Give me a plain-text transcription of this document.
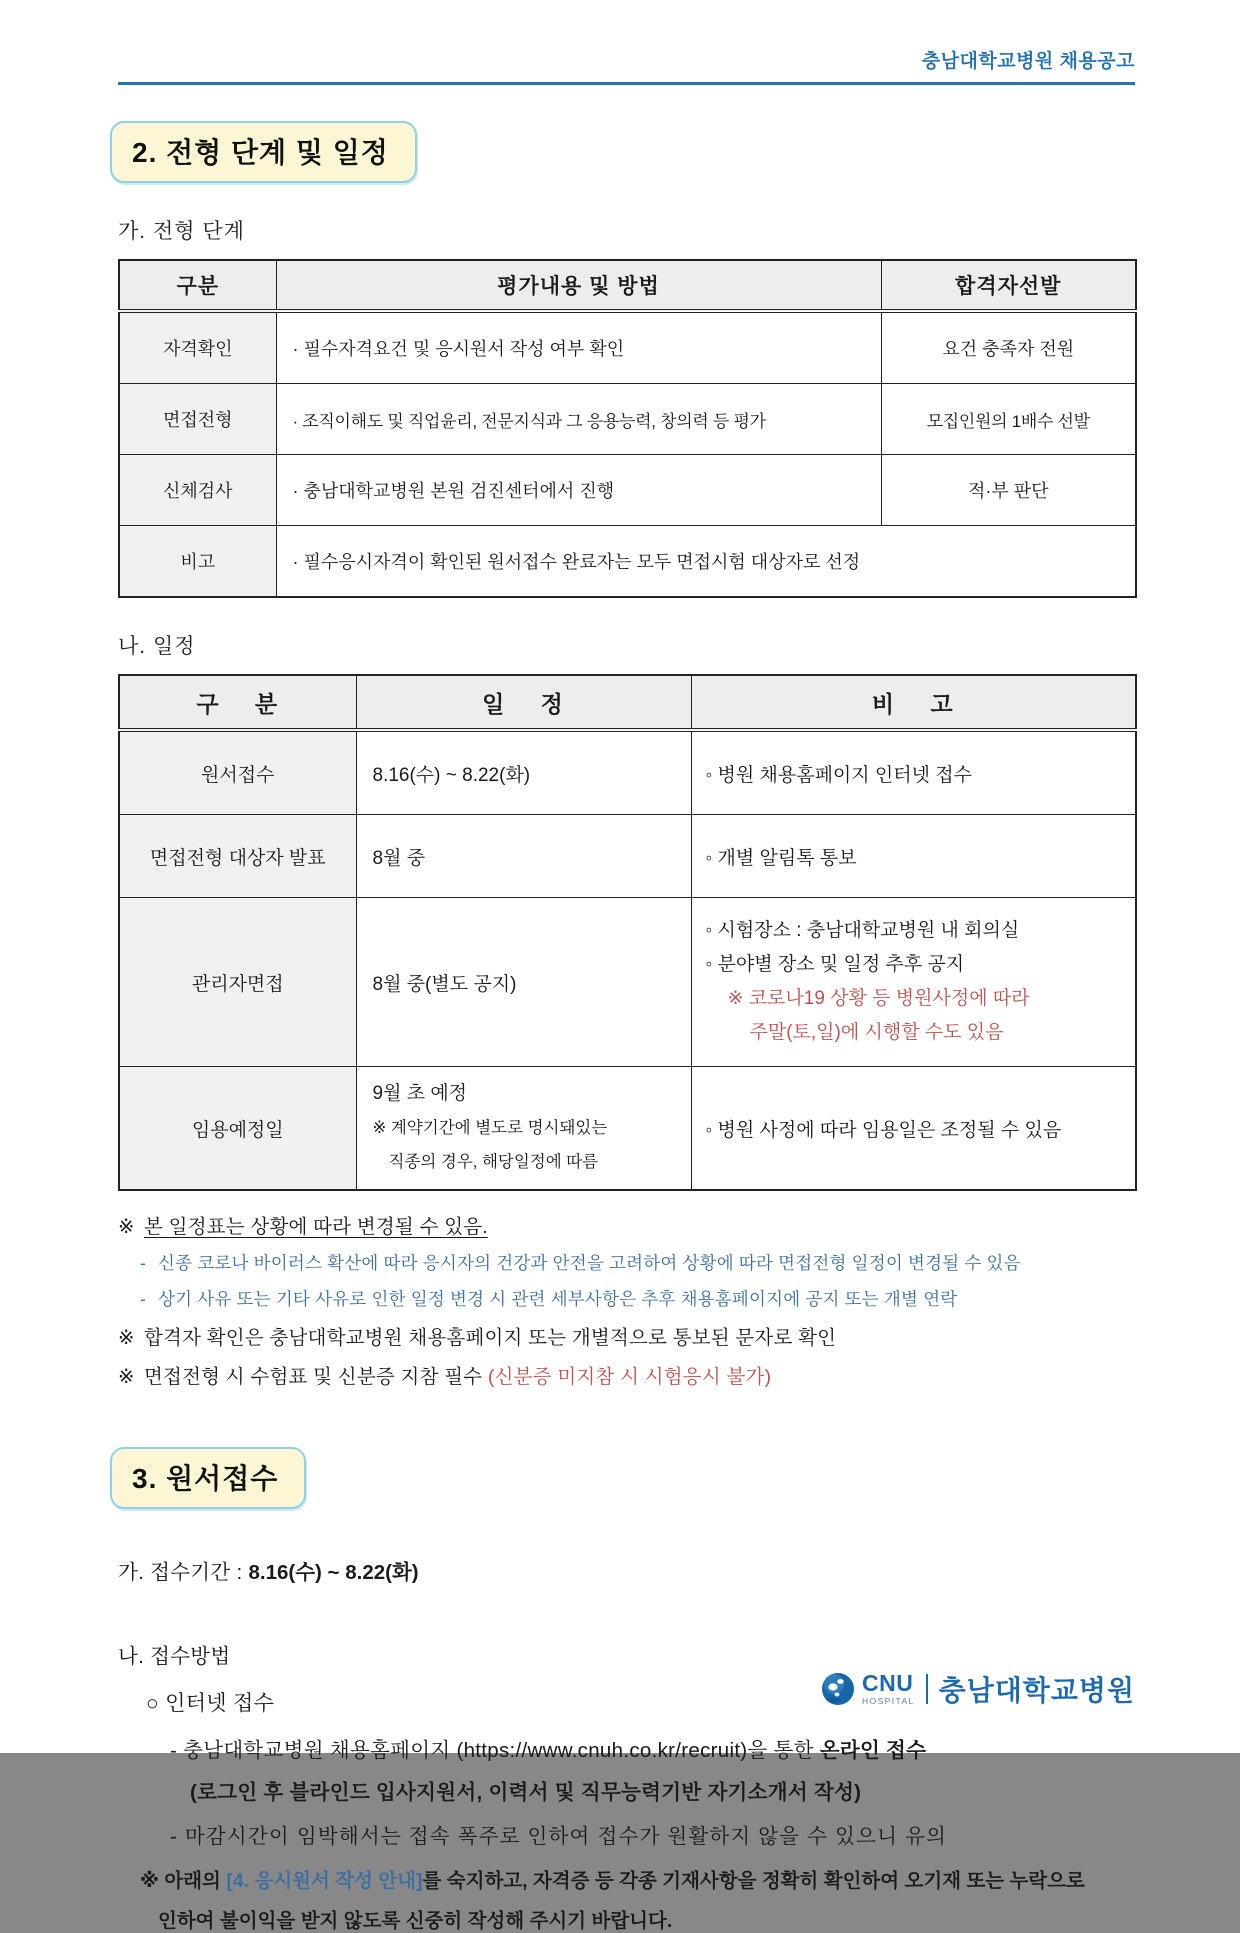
충남대학교병원 채용공고
2. 전형 단계 및 일정
가. 전형 단계
구분	평가내용 및 방법	합격자선발
자격확인	· 필수자격요건 및 응시원서 작성 여부 확인	요건 충족자 전원
면접전형	· 조직이해도 및 직업윤리, 전문지식과 그 응용능력, 창의력 등 평가	모집인원의 1배수 선발
신체검사	· 충남대학교병원 본원 검진센터에서 진행	적·부 판단
비고	· 필수응시자격이 확인된 원서접수 완료자는 모두 면접시험 대상자로 선정	
나. 일정
구 분	일 정	비 고
원서접수	8.16(수) ~ 8.22(화)	◦ 병원 채용홈페이지 인터넷 접수
면접전형 대상자 발표	8월 중	◦ 개별 알림톡 통보
관리자면접	8월 중(별도 공지)	◦ 시험장소 : 충남대학교병원 내 회의실
◦ 분야별 장소 및 일정 추후 공지
※ 코로나19 상황 등 병원사정에 따라
주말(토,일)에 시행할 수도 있음

임용예정일	9월 초 예정
※ 계약기간에 별도로 명시돼있는
직종의 경우, 해당일정에 따름	◦ 병원 사정에 따라 임용일은 조정될 수 있음
※ 본 일정표는 상황에 따라 변경될 수 있음.
- 신종 코로나 바이러스 확산에 따라 응시자의 건강과 안전을 고려하여 상황에 따라 면접전형 일정이 변경될 수 있음
- 상기 사유 또는 기타 사유로 인한 일정 변경 시 관련 세부사항은 추후 채용홈페이지에 공지 또는 개별 연락
※ 합격자 확인은 충남대학교병원 채용홈페이지 또는 개별적으로 통보된 문자로 확인
※ 면접전형 시 수험표 및 신분증 지참 필수 (신분증 미지참 시 시험응시 불가)
3. 원서접수
가. 접수기간 : 8.16(수) ~ 8.22(화)
나. 접수방법
○ 인터넷 접수
- 충남대학교병원 채용홈페이지 (https://www.cnuh.co.kr/recruit)을 통한 온라인 접수
(로그인 후 블라인드 입사지원서, 이력서 및 직무능력기반 자기소개서 작성)
- 마감시간이 임박해서는 접속 폭주로 인하여 접수가 원활하지 않을 수 있으니 유의
※ 아래의 [4. 응시원서 작성 안내]를 숙지하고, 자격증 등 각종 기재사항을 정확히 확인하여 오기재 또는 누락으로
인하여 불이익을 받지 않도록 신중히 작성해 주시기 바랍니다.
CNU
HOSPITAL 충남대학교병원
